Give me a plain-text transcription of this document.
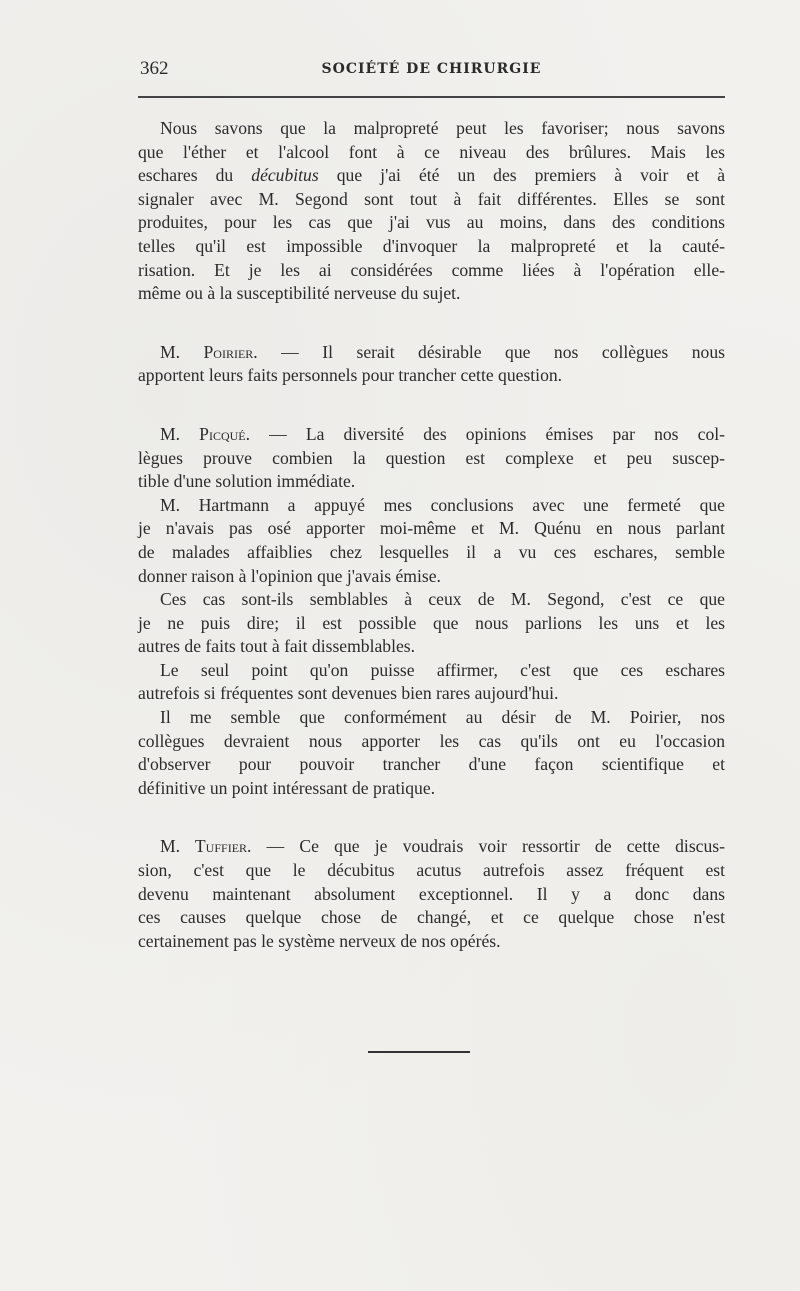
362	SOCIÉTÉ DE CHIRURGIE
Nous savons que la malpropreté peut les favoriser; nous savons
que l'éther et l'alcool font à ce niveau des brûlures. Mais les
eschares du décubitus que j'ai été un des premiers à voir et à
signaler avec M. Segond sont tout à fait différentes. Elles se sont
produites, pour les cas que j'ai vus au moins, dans des conditions
telles qu'il est impossible d'invoquer la malpropreté et la cauté-
risation. Et je les ai considérées comme liées à l'opération elle-
même ou à la susceptibilité nerveuse du sujet.
M. Poirier. — Il serait désirable que nos collègues nous
apportent leurs faits personnels pour trancher cette question.
M. Picqué. — La diversité des opinions émises par nos col-
lègues prouve combien la question est complexe et peu suscep-
tible d'une solution immédiate.
M. Hartmann a appuyé mes conclusions avec une fermeté que
je n'avais pas osé apporter moi-même et M. Quénu en nous parlant
de malades affaiblies chez lesquelles il a vu ces eschares, semble
donner raison à l'opinion que j'avais émise.
Ces cas sont-ils semblables à ceux de M. Segond, c'est ce que
je ne puis dire; il est possible que nous parlions les uns et les
autres de faits tout à fait dissemblables.
Le seul point qu'on puisse affirmer, c'est que ces eschares
autrefois si fréquentes sont devenues bien rares aujourd'hui.
Il me semble que conformément au désir de M. Poirier, nos
collègues devraient nous apporter les cas qu'ils ont eu l'occasion
d'observer pour pouvoir trancher d'une façon scientifique et
définitive un point intéressant de pratique.
M. Tuffier. — Ce que je voudrais voir ressortir de cette discus-
sion, c'est que le décubitus acutus autrefois assez fréquent est
devenu maintenant absolument exceptionnel. Il y a donc dans
ces causes quelque chose de changé, et ce quelque chose n'est
certainement pas le système nerveux de nos opérés.
